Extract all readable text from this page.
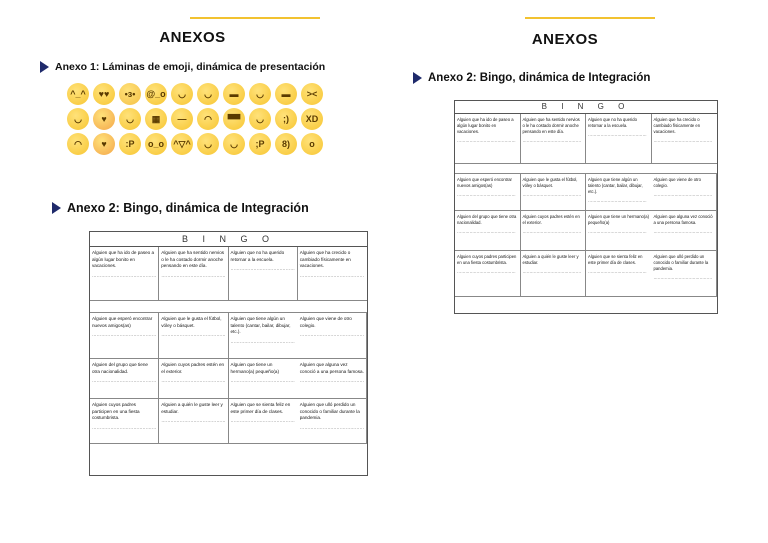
ANEXOS
Anexo 1: Láminas de emoji, dinámica de presentación
^_^ ♥♥ •з• @_o ◡ ◡ ▬ ◡ ▬ ><
◡ ♥ ◡ ▦ — ◠ ▀▀ ◡ ;) XD
◠ ♥ :P o_o ^▽^ ◡ ◡ ;P 8) o
Anexo 2: Bingo, dinámica de Integración
B I N G O
Alguien que ha ido de paseo a algún lugar bonito en vacaciones.
……………………………………
Alguien que ha sentido nervios o le ha costado dormir anoche pensando en este día.
……………………………………
Alguien que no ha querido retornar a la escuela.
……………………………………
Alguien que ha crecido o cambiado físicamente en vacaciones.
……………………………………
Alguien que esperó encontrar nuevos amigos(as)
……………………………………
Alguien que le gusta el fútbol, vóley o básquet.
……………………………………
Alguien que tiene algún un talento (cantar, bailar, dibujar, etc.).
……………………………………
Alguien que viene de otro colegio.
……………………………………
Alguien del grupo que tiene otra nacionalidad.
……………………………………
Alguien cuyos padres estén en el exterior.
……………………………………
Alguien que tiene un hermano(a) pequeño(a)
……………………………………
Alguien que alguna vez conoció a una persona famosa.
……………………………………
Alguien cuyos padres participen en una fiesta costumbrista.
……………………………………
Alguien a quién le guste leer y estudiar.
……………………………………
Alguien que se sienta feliz en este primer día de clases.
……………………………………
Alguien que ulló perdido un conocido o familiar durante la pandemia.
……………………………………
ANEXOS
Anexo 2: Bingo, dinámica de Integración
B I N G O
Alguien que ha ido de paseo a algún lugar bonito en vacaciones.
……………………………………
Alguien que ha sentido nervios o le ha costado dormir anoche pensando en este día.
……………………………………
Alguien que no ha querido retornar a la escuela.
……………………………………
Alguien que ha crecido o cambiado físicamente en vacaciones.
……………………………………
Alguien que esperó encontrar nuevos amigos(as)
……………………………………
Alguien que le gusta el fútbol, vóley o básquet.
……………………………………
Alguien que tiene algún un talento (cantar, bailar, dibujar, etc.).
……………………………………
Alguien que viene de otro colegio.
……………………………………
Alguien del grupo que tiene otra nacionalidad.
……………………………………
Alguien cuyos padres estén en el exterior.
……………………………………
Alguien que tiene un hermano(a) pequeño(a)
……………………………………
Alguien que alguna vez conoció a una persona famosa.
……………………………………
Alguien cuyos padres participen en una fiesta costumbrista.
……………………………………
Alguien a quién le guste leer y estudiar.
……………………………………
Alguien que se sienta feliz en este primer día de clases.
……………………………………
Alguien que ulló perdido un conocido o familiar durante la pandemia.
……………………………………
